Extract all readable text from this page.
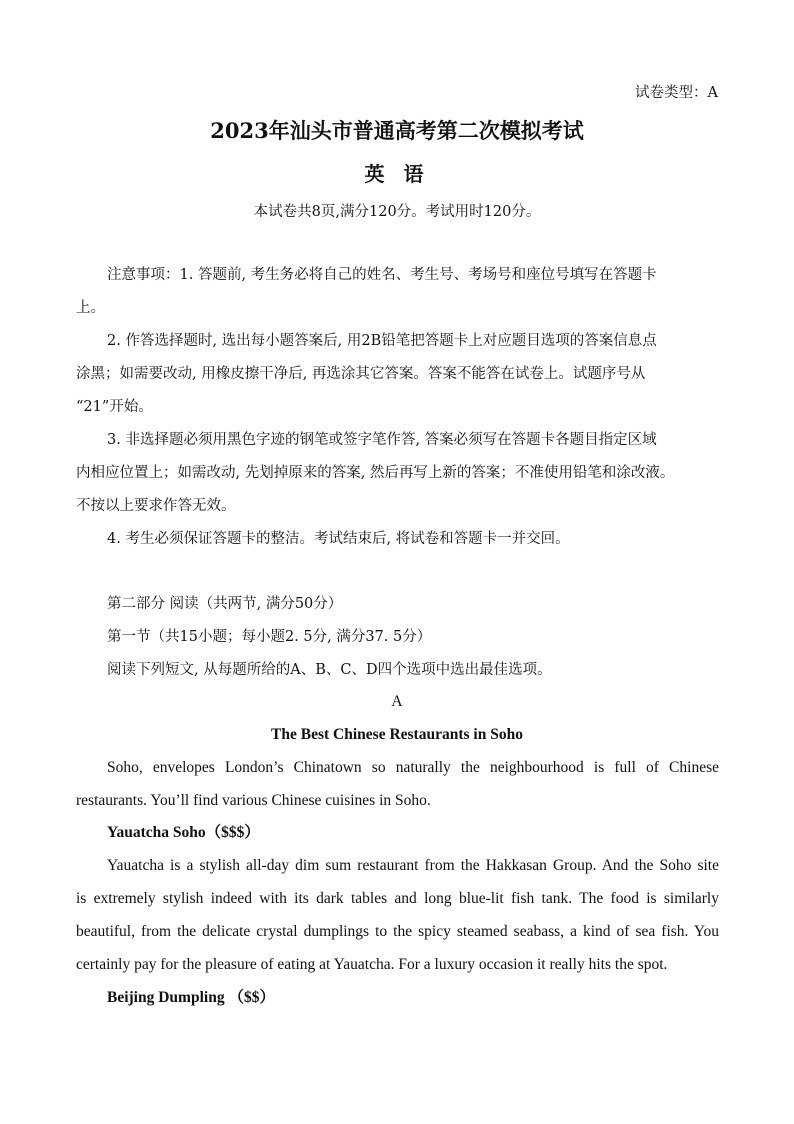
试卷类型：A
2023年汕头市普通高考第二次模拟考试
英 语
本试卷共8页,满分120分。考试用时120分。
注意事项：1. 答题前, 考生务必将自己的姓名、考生号、考场号和座位号填写在答题卡
上。
2. 作答选择题时, 选出每小题答案后, 用2B铅笔把答题卡上对应题目选项的答案信息点
涂黑；如需要改动, 用橡皮擦干净后, 再选涂其它答案。答案不能答在试卷上。试题序号从
“21”开始。
3. 非选择题必须用黑色字迹的钢笔或签字笔作答, 答案必须写在答题卡各题目指定区域
内相应位置上；如需改动, 先划掉原来的答案, 然后再写上新的答案；不准使用铅笔和涂改液。
不按以上要求作答无效。
4. 考生必须保证答题卡的整洁。考试结束后, 将试卷和答题卡一并交回。
第二部分 阅读（共两节, 满分50分）
第一节（共15小题；每小题2. 5分, 满分37. 5分）
阅读下列短文, 从每题所给的A、B、C、D四个选项中选出最佳选项。
A
The Best Chinese Restaurants in Soho
Soho, envelopes London’s Chinatown so naturally the neighbourhood is full of Chinese
restaurants. You’ll find various Chinese cuisines in Soho.
Yauatcha Soho（$$$）
Yauatcha is a stylish all-day dim sum restaurant from the Hakkasan Group. And the Soho site
is extremely stylish indeed with its dark tables and long blue-lit fish tank. The food is similarly
beautiful, from the delicate crystal dumplings to the spicy steamed seabass, a kind of sea fish. You
certainly pay for the pleasure of eating at Yauatcha. For a luxury occasion it really hits the spot.
Beijing Dumpling （$$）
